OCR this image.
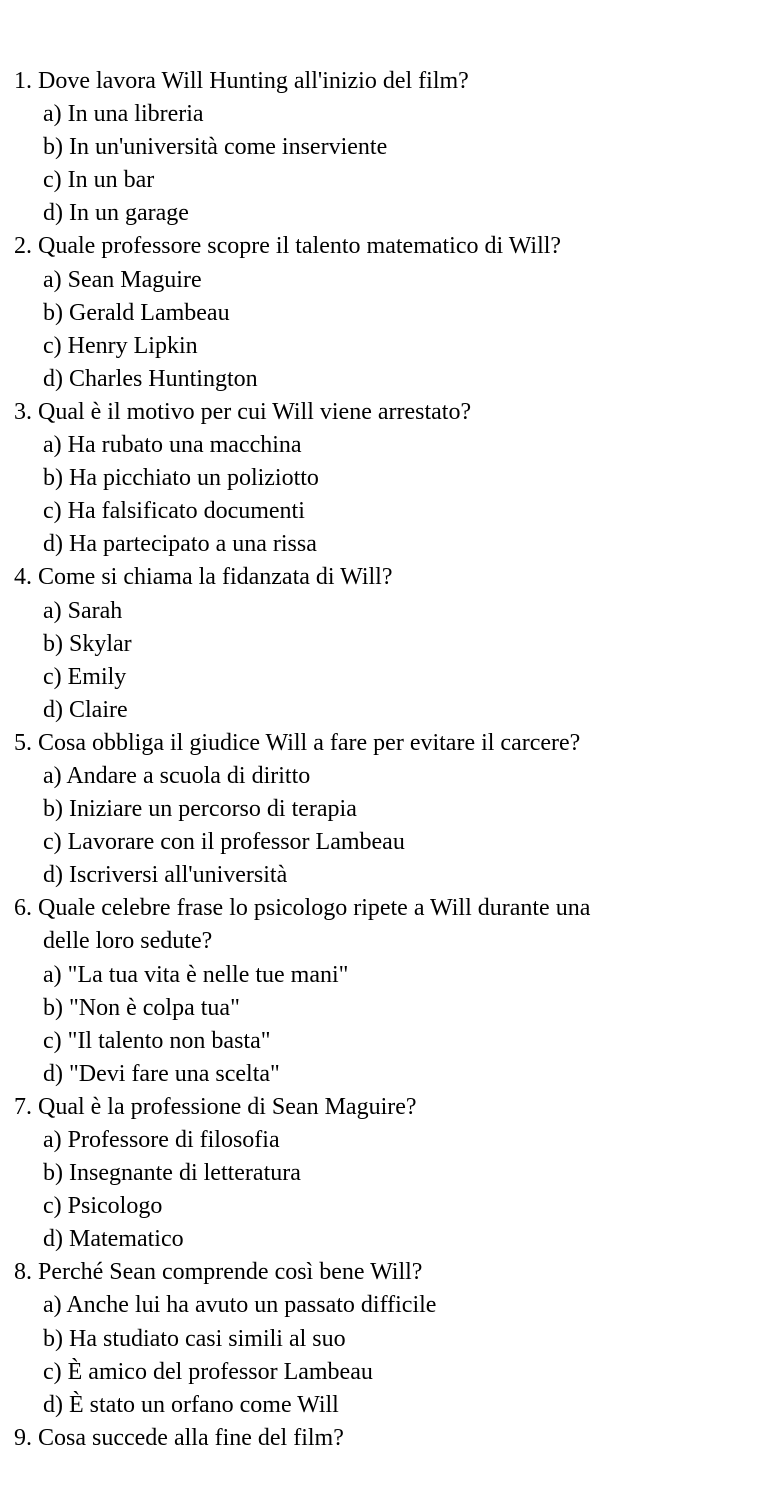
1. Dove lavora Will Hunting all'inizio del film?
a) In una libreria
b) In un'università come inserviente
c) In un bar
d) In un garage
2. Quale professore scopre il talento matematico di Will?
a) Sean Maguire
b) Gerald Lambeau
c) Henry Lipkin
d) Charles Huntington
3. Qual è il motivo per cui Will viene arrestato?
a) Ha rubato una macchina
b) Ha picchiato un poliziotto
c) Ha falsificato documenti
d) Ha partecipato a una rissa
4. Come si chiama la fidanzata di Will?
a) Sarah
b) Skylar
c) Emily
d) Claire
5. Cosa obbliga il giudice Will a fare per evitare il carcere?
a) Andare a scuola di diritto
b) Iniziare un percorso di terapia
c) Lavorare con il professor Lambeau
d) Iscriversi all'università
6. Quale celebre frase lo psicologo ripete a Will durante una
delle loro sedute?
a) "La tua vita è nelle tue mani"
b) "Non è colpa tua"
c) "Il talento non basta"
d) "Devi fare una scelta"
7. Qual è la professione di Sean Maguire?
a) Professore di filosofia
b) Insegnante di letteratura
c) Psicologo
d) Matematico
8. Perché Sean comprende così bene Will?
a) Anche lui ha avuto un passato difficile
b) Ha studiato casi simili al suo
c) È amico del professor Lambeau
d) È stato un orfano come Will
9. Cosa succede alla fine del film?
